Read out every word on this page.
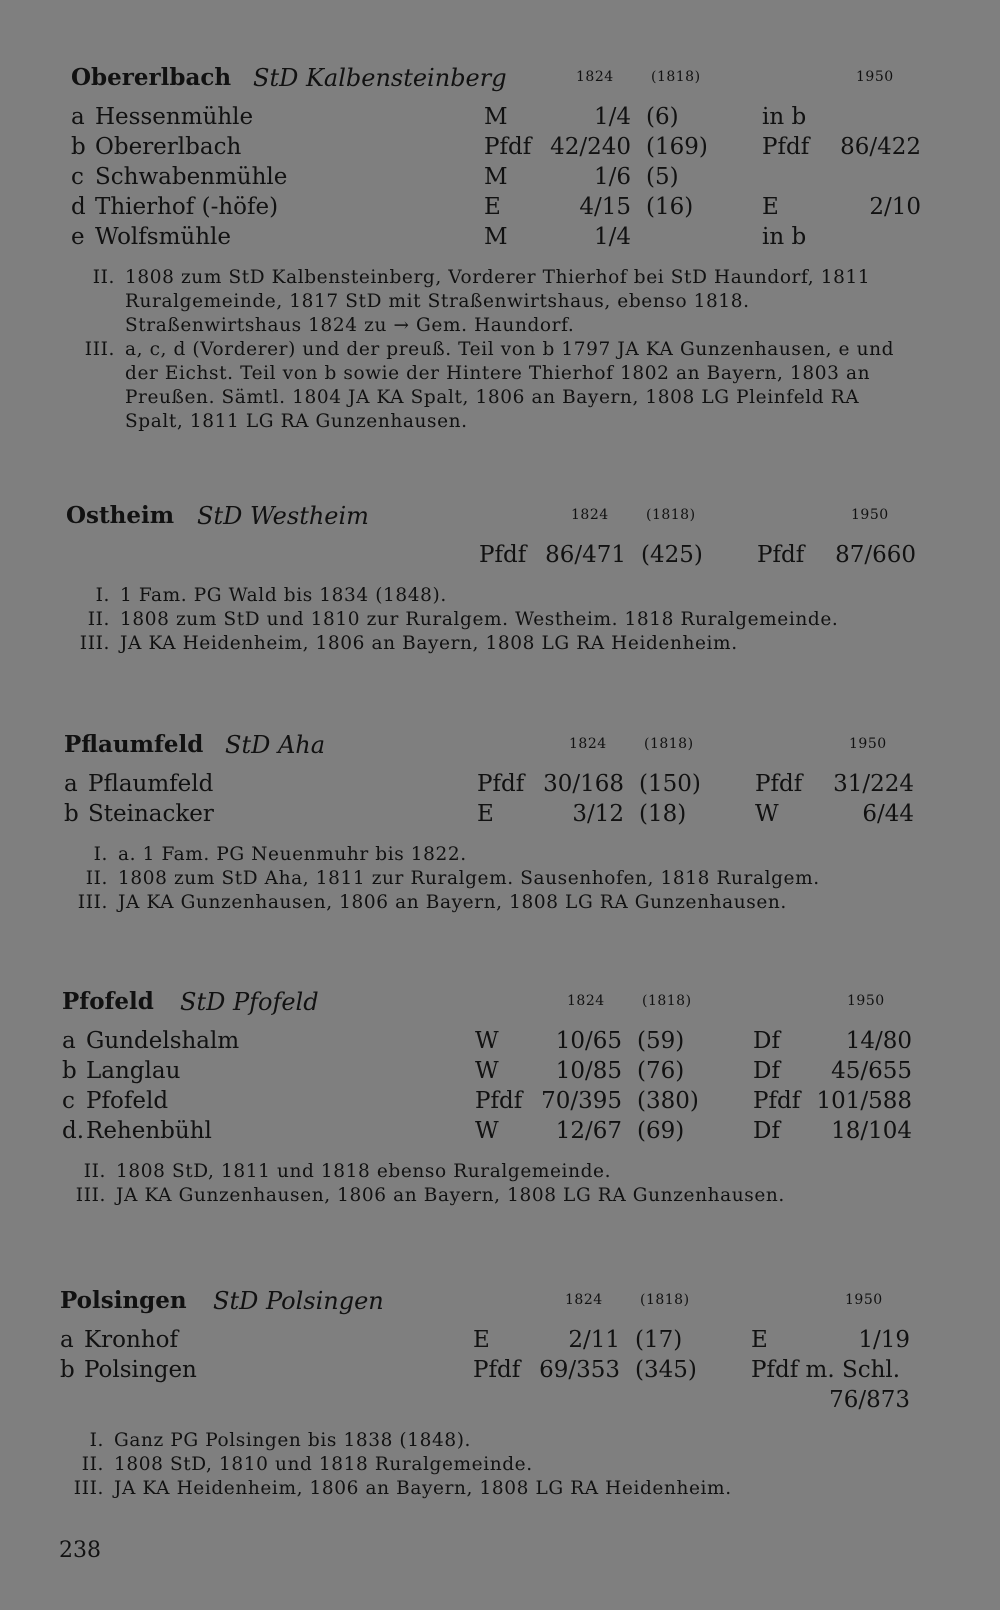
Obererlbach StD Kalbensteinberg	1824	(1818)	1950
a Hessenmühle	M	1/4 (6)	in b
b Obererlbach	Pfdf 42/240 (169) Pfdf	86/422
c Schwabenmühle	M	1/6 (5)
d Thierhof (-höfe)	E	4/15 (16)	E	2/10
e Wolfsmühle	M	1/4	in b
II. 1808 zum StD Kalbensteinberg, Vorderer Thierhof bei StD Haundorf, 1811 Ruralgemeinde, 1817 StD mit Straßenwirtshaus, ebenso 1818. Straßenwirtshaus 1824 zu → Gem. Haundorf.
III. a, c, d (Vorderer) und der preuß. Teil von b 1797 JA KA Gunzenhausen, e und der Eichst. Teil von b sowie der Hintere Thierhof 1802 an Bayern, 1803 an Preußen. Sämtl. 1804 JA KA Spalt, 1806 an Bayern, 1808 LG Pleinfeld RA Spalt, 1811 LG RA Gunzenhausen.
Ostheim StD Westheim	1824	(1818)	1950
Pfdf 86/471 (425) Pfdf	87/660
I. 1 Fam. PG Wald bis 1834 (1848).
II. 1808 zum StD und 1810 zur Ruralgem. Westheim. 1818 Ruralgemeinde.
III. JA KA Heidenheim, 1806 an Bayern, 1808 LG RA Heidenheim.
Pflaumfeld StD Aha	1824	(1818)	1950
a Pflaumfeld	Pfdf 30/168 (150) Pfdf	31/224
b Steinacker	E	3/12 (18)	W	6/44
I. a. 1 Fam. PG Neuenmuhr bis 1822.
II. 1808 zum StD Aha, 1811 zur Ruralgem. Sausenhofen, 1818 Ruralgem.
III. JA KA Gunzenhausen, 1806 an Bayern, 1808 LG RA Gunzenhausen.
Pfofeld StD Pfofeld	1824	(1818)	1950
a Gundelshalm	W	10/65 (59)	Df	14/80
b Langlau	W	10/85 (76)	Df	45/655
c Pfofeld	Pfdf 70/395 (380) Pfdf 101/588
d. Rehenbühl	W	12/67 (69)	Df	18/104
II. 1808 StD, 1811 und 1818 ebenso Ruralgemeinde.
III. JA KA Gunzenhausen, 1806 an Bayern, 1808 LG RA Gunzenhausen.
Polsingen StD Polsingen	1824	(1818)	1950
a Kronhof	E	2/11 (17)	E	1/19
b Polsingen	Pfdf 69/353 (345) Pfdf m. Schl.
76/873
I. Ganz PG Polsingen bis 1838 (1848).
II. 1808 StD, 1810 und 1818 Ruralgemeinde.
III. JA KA Heidenheim, 1806 an Bayern, 1808 LG RA Heidenheim.
238
